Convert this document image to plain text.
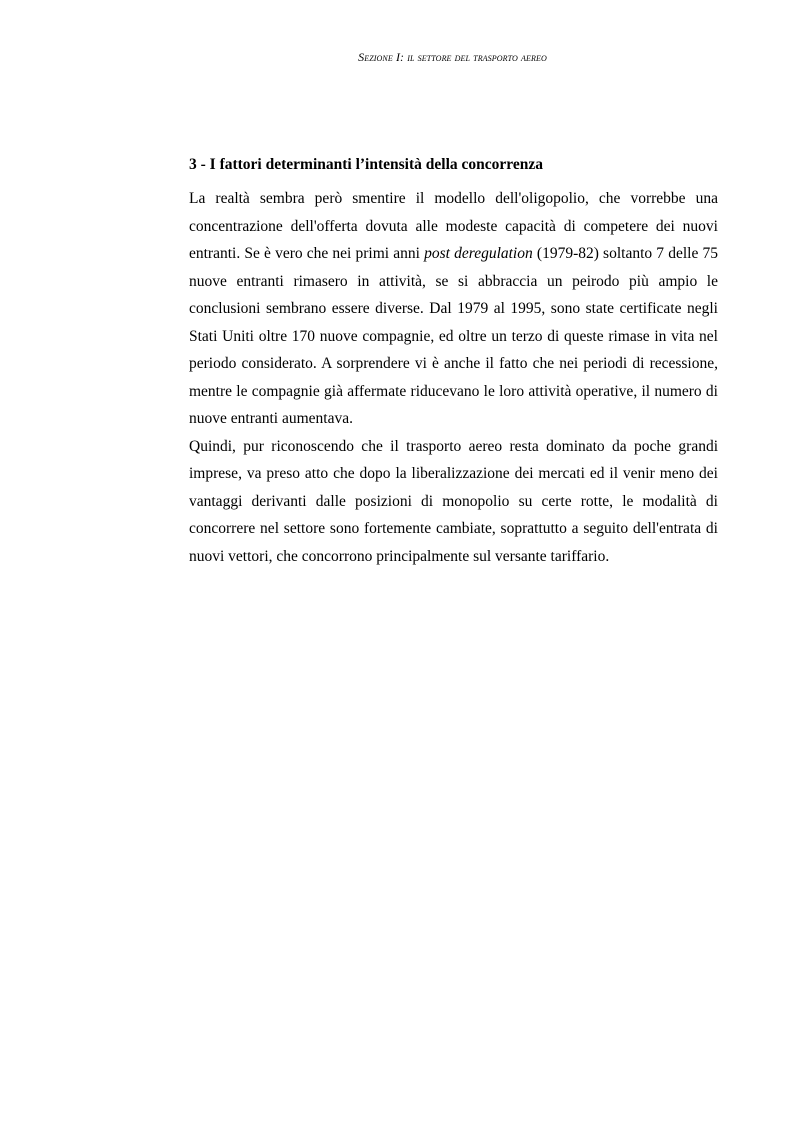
Sezione I: il settore del trasporto aereo
3 - I fattori determinanti l’intensità della concorrenza

La realtà sembra però smentire il modello dell'oligopolio, che vorrebbe una concentrazione dell'offerta dovuta alle modeste capacità di competere dei nuovi entranti. Se è vero che nei primi anni post deregulation (1979-82) soltanto 7 delle 75 nuove entranti rimasero in attività, se si abbraccia un peirodo più ampio le conclusioni sembrano essere diverse. Dal 1979 al 1995, sono state certificate negli Stati Uniti oltre 170 nuove compagnie, ed oltre un terzo di queste rimase in vita nel periodo considerato. A sorprendere vi è anche il fatto che nei periodi di recessione, mentre le compagnie già affermate riducevano le loro attività operative, il numero di nuove entranti aumentava.

Quindi, pur riconoscendo che il trasporto aereo resta dominato da poche grandi imprese, va preso atto che dopo la liberalizzazione dei mercati ed il venir meno dei vantaggi derivanti dalle posizioni di monopolio su certe rotte, le modalità di concorrere nel settore sono fortemente cambiate, soprattutto a seguito dell'entrata di nuovi vettori, che concorrono principalmente sul versante tariffario.
